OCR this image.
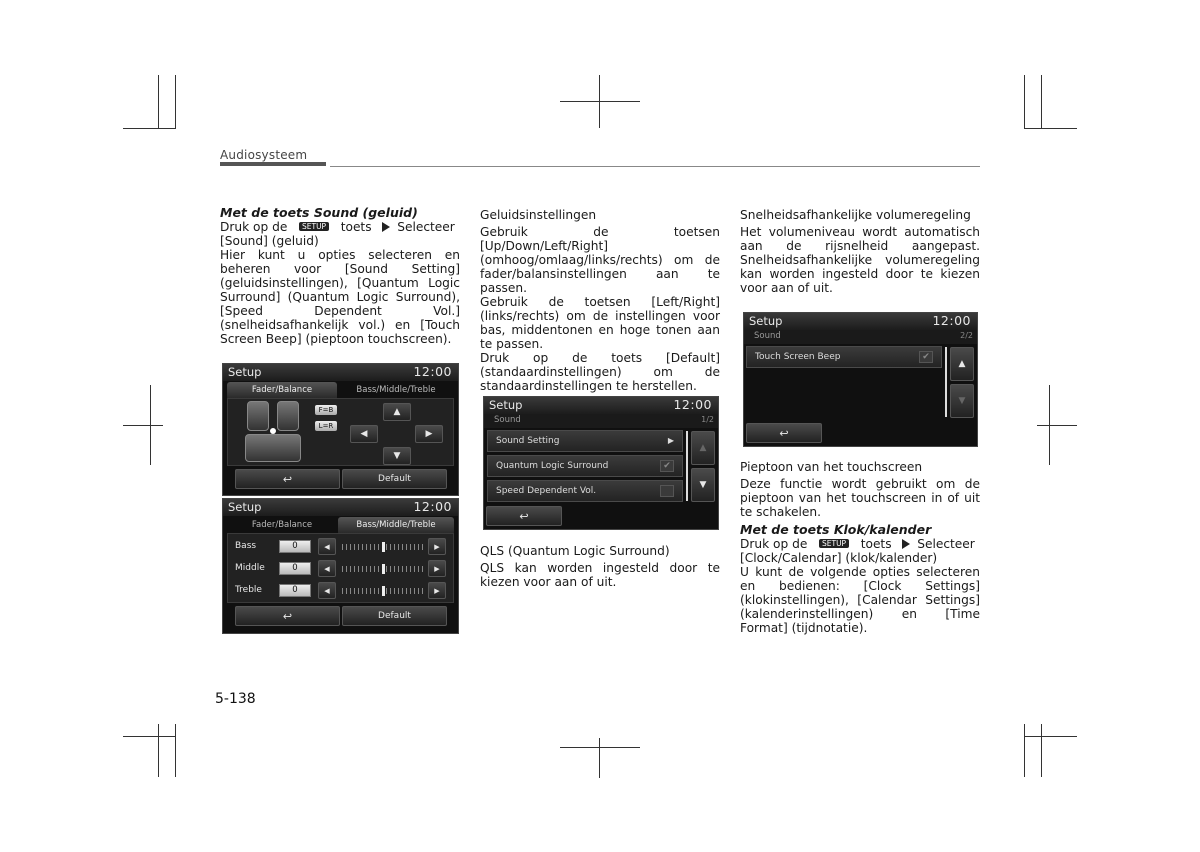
Audiosysteem

Met de toets Sound (geluid)

Druk op de SETUP toets Selecteer [Sound] (geluid)

Hier kunt u opties selecteren en beheren voor [Sound Setting] (geluidsinstellingen), [Quantum Logic Surround] (Quantum Logic Surround), [Speed Dependent Vol.] (snelheidsafhankelijk vol.) en [Touch Screen Beep] (pieptoon touchscreen).

Setup	12:00
Fader/Balance	Bass/Middle/Treble
F=B
L=R
▲
◀	▶
▼
↩	Default
Setup	12:00
Fader/Balance	Bass/Middle/Treble
Bass	0	◀	▶
Middle	0	◀	▶
Treble	0	◀	▶
↩	Default

Geluidsinstellingen

Gebruik de toetsen [Up/Down/Left/Right] (omhoog/omlaag/links/rechts) om de fader/balansinstellingen aan te passen.

Gebruik de toetsen [Left/Right] (links/rechts) om de instellingen voor bas, middentonen en hoge tonen aan te passen.

Druk op de toets [Default] (standaardinstellingen) om de standaardinstellingen te herstellen.

Setup	12:00
Sound	1/2
Sound Setting	▶
Quantum Logic Surround	✔
Speed Dependent Vol.
▲
▼
↩

QLS (Quantum Logic Surround)

QLS kan worden ingesteld door te kiezen voor aan of uit.

Snelheidsafhankelijke volumeregeling

Het volumeniveau wordt automatisch aan de rijsnelheid aangepast. Snelheidsafhankelijke volumeregeling kan worden ingesteld door te kiezen voor aan of uit.

Setup	12:00
Sound	2/2
Touch Screen Beep	✔
▲
▼
↩

Pieptoon van het touchscreen

Deze functie wordt gebruikt om de pieptoon van het touchscreen in of uit te schakelen.

Met de toets Klok/kalender

Druk op de SETUP toets Selecteer [Clock/Calendar] (klok/kalender)

U kunt de volgende opties selecteren en bedienen: [Clock Settings] (klokinstellingen), [Calendar Settings] (kalenderinstellingen) en [Time Format] (tijdnotatie).

5-138
